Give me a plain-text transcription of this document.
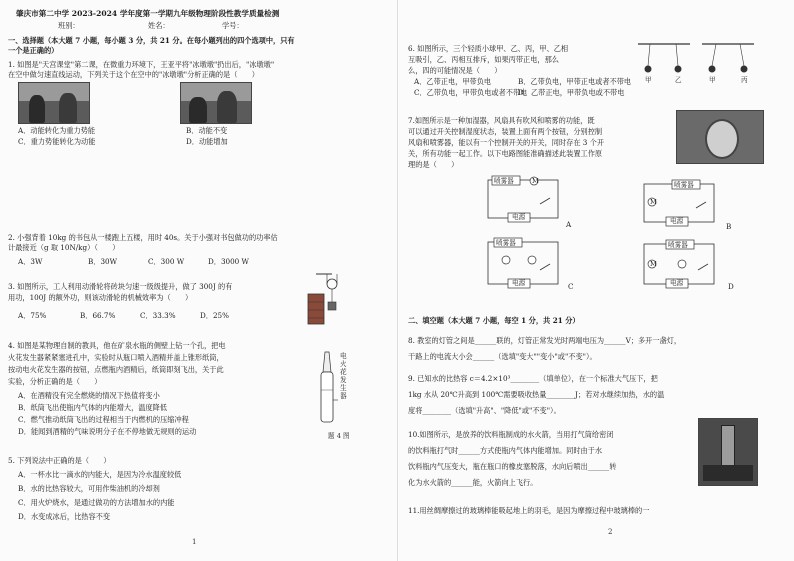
肇庆市第二中学 2023-2024 学年度第一学期九年级物理阶段性教学质量检测
班别：	姓名：	学号：
一、选择题（本大题 7 小题，每小题 3 分，共 21 分。在每小题列出的四个选项中，只有
一个是正确的）
1. 如图是"天宫课堂"第二课，在微重力环境下，王亚平将"冰墩墩"扔出后，"冰墩墩"
在空中做匀速直线运动，下列关于这个在空中的"冰墩墩"分析正确的是（　　）
A．动能转化为重力势能	B．动能不变
C．重力势能转化为动能	D．动能增加
2. 小强背着 10kg 的书包从一楼跑上五楼，用时 40s。关于小强对书包做功的功率估
计最接近（g 取 10N/kg）（　　）
A．3W	B．30W	C．300 W	D．3000 W
3. 如图所示，工人利用动滑轮将砖块匀速一级级提升，做了 300J 的有
用功，100J 的额外功，则该动滑轮的机械效率为（　　）
A．75%	B．66.7%	C．33.3%	D．25%
4. 如图是某物理自制的教具，他在矿泉水瓶的侧壁上钻一个孔，把电
火花发生器紧紧塞进孔中，实验时从瓶口喷入酒精并盖上锥形纸筒，
按动电火花发生器的按钮，点燃瓶内酒精后，纸筒即刻飞出，关于此
实验，分析正确的是（　　）
A．在酒精没有完全燃烧的情况下热值将变小
B．纸筒飞出使瓶内气体的内能增大，温度降低
C．燃气推动纸筒飞出的过程相当于内燃机的压缩冲程
D．能闻到酒精的气味说明分子在不停地做无规则的运动
电火花发生器
题 4 图
5. 下列说法中正确的是（　　）
A．一杯水比一滴水的内能大，是因为冷水温度较低
B．水的比热容较大，可用作柴油机的冷却剂
C．用火炉烧水，是通过做功的方法增加水的内能
D．水变成冰后，比热容不变
1
6. 如图所示，三个轻质小球甲、乙、丙，甲、乙相
互吸引，乙、丙相互排斥，如果丙带正电，那么
么，四的可能情况是（　　）
A．乙带正电，甲带负电	B．乙带负电，甲带正电或者不带电
C．乙带负电，甲带负电或者不带电
D．乙带正电，甲带负电或不带电
甲	乙	甲	丙
7.如图所示是一种加湿器，风扇具有吹风和喷雾的功能，既
可以通过开关控制湿度状态，装置上面有两个按钮，分别控制
风扇和喷雾器，能以有一个控制开关的开关，同时存在 3 个开
关，所有功能一起工作。以下电路图能准确描述此装置工作原
理的是（　　）
喷雾器	M
电源
A
喷雾器
M
电源
B
喷雾器
电源	C
喷雾器
M
电源	D
二、填空题（本大题 7 小题，每空 1 分，共 21 分）
8. 教室的灯管之间是______联的，灯管正常发光时两端电压为______V；多开一盏灯，
干路上的电流大小会______（选填"变大""变小"或"不变"）。
9. 已知水的比热容 c＝4.2×10³________（填单位），在一个标准大气压下，把
1kg 水从 20℃升高到 100℃需要吸收热量________J；若对水继续加热，水的温
度将________（选填"升高"、"降低"或"不变"）。
10.如图所示，是放养的饮料瓶制成的水火箭，当用打气筒给密闭
的饮料瓶打气时______方式使瓶内气体内能增加。同时由于水
饮料瓶内气压变大，瓶在瓶口的橡皮塞脱落，水向后喷出______转
化为水火箭的______能，火箭向上飞行。
11.用丝绸摩擦过的玻璃棒能吸起地上的羽毛，是因为摩擦过程中玻璃棒的一
2
